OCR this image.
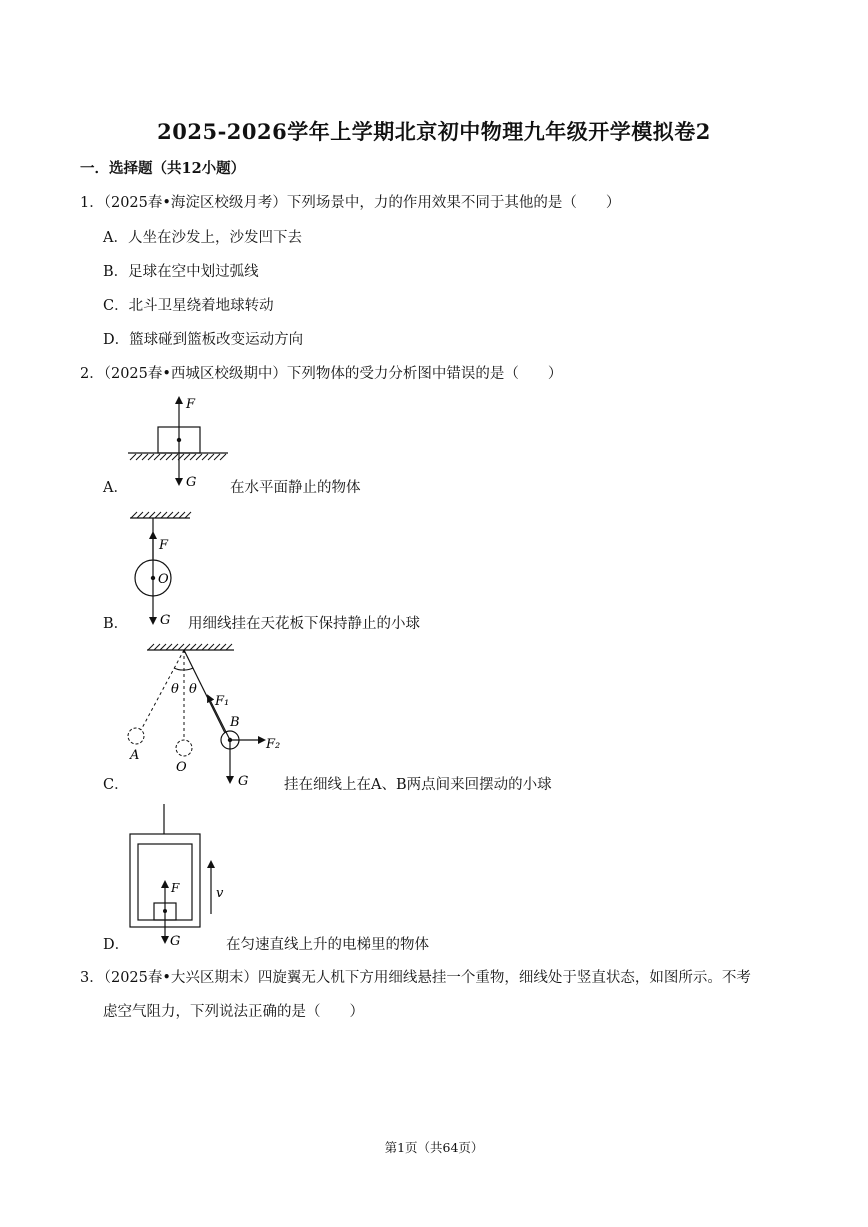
2025-2026学年上学期北京初中物理九年级开学模拟卷2
一．选择题（共12小题）
1．（2025春•海淀区校级月考）下列场景中，力的作用效果不同于其他的是（　　）
A．人坐在沙发上，沙发凹下去
B．足球在空中划过弧线
C．北斗卫星绕着地球转动
D．篮球碰到篮板改变运动方向
2．（2025春•西城区校级期中）下列物体的受力分析图中错误的是（　　）
F
G
A．	在水平面静止的物体
F
O
G
B．	用细线挂在天花板下保持静止的小球
θ θ
F₁
F₂
G
A
O
B
C．	挂在细线上在A、B两点间来回摆动的小球
F
G
v
D．	在匀速直线上升的电梯里的物体
3．（2025春•大兴区期末）四旋翼无人机下方用细线悬挂一个重物，细线处于竖直状态，如图所示。不考
虑空气阻力，下列说法正确的是（　　）
第1页（共64页）
